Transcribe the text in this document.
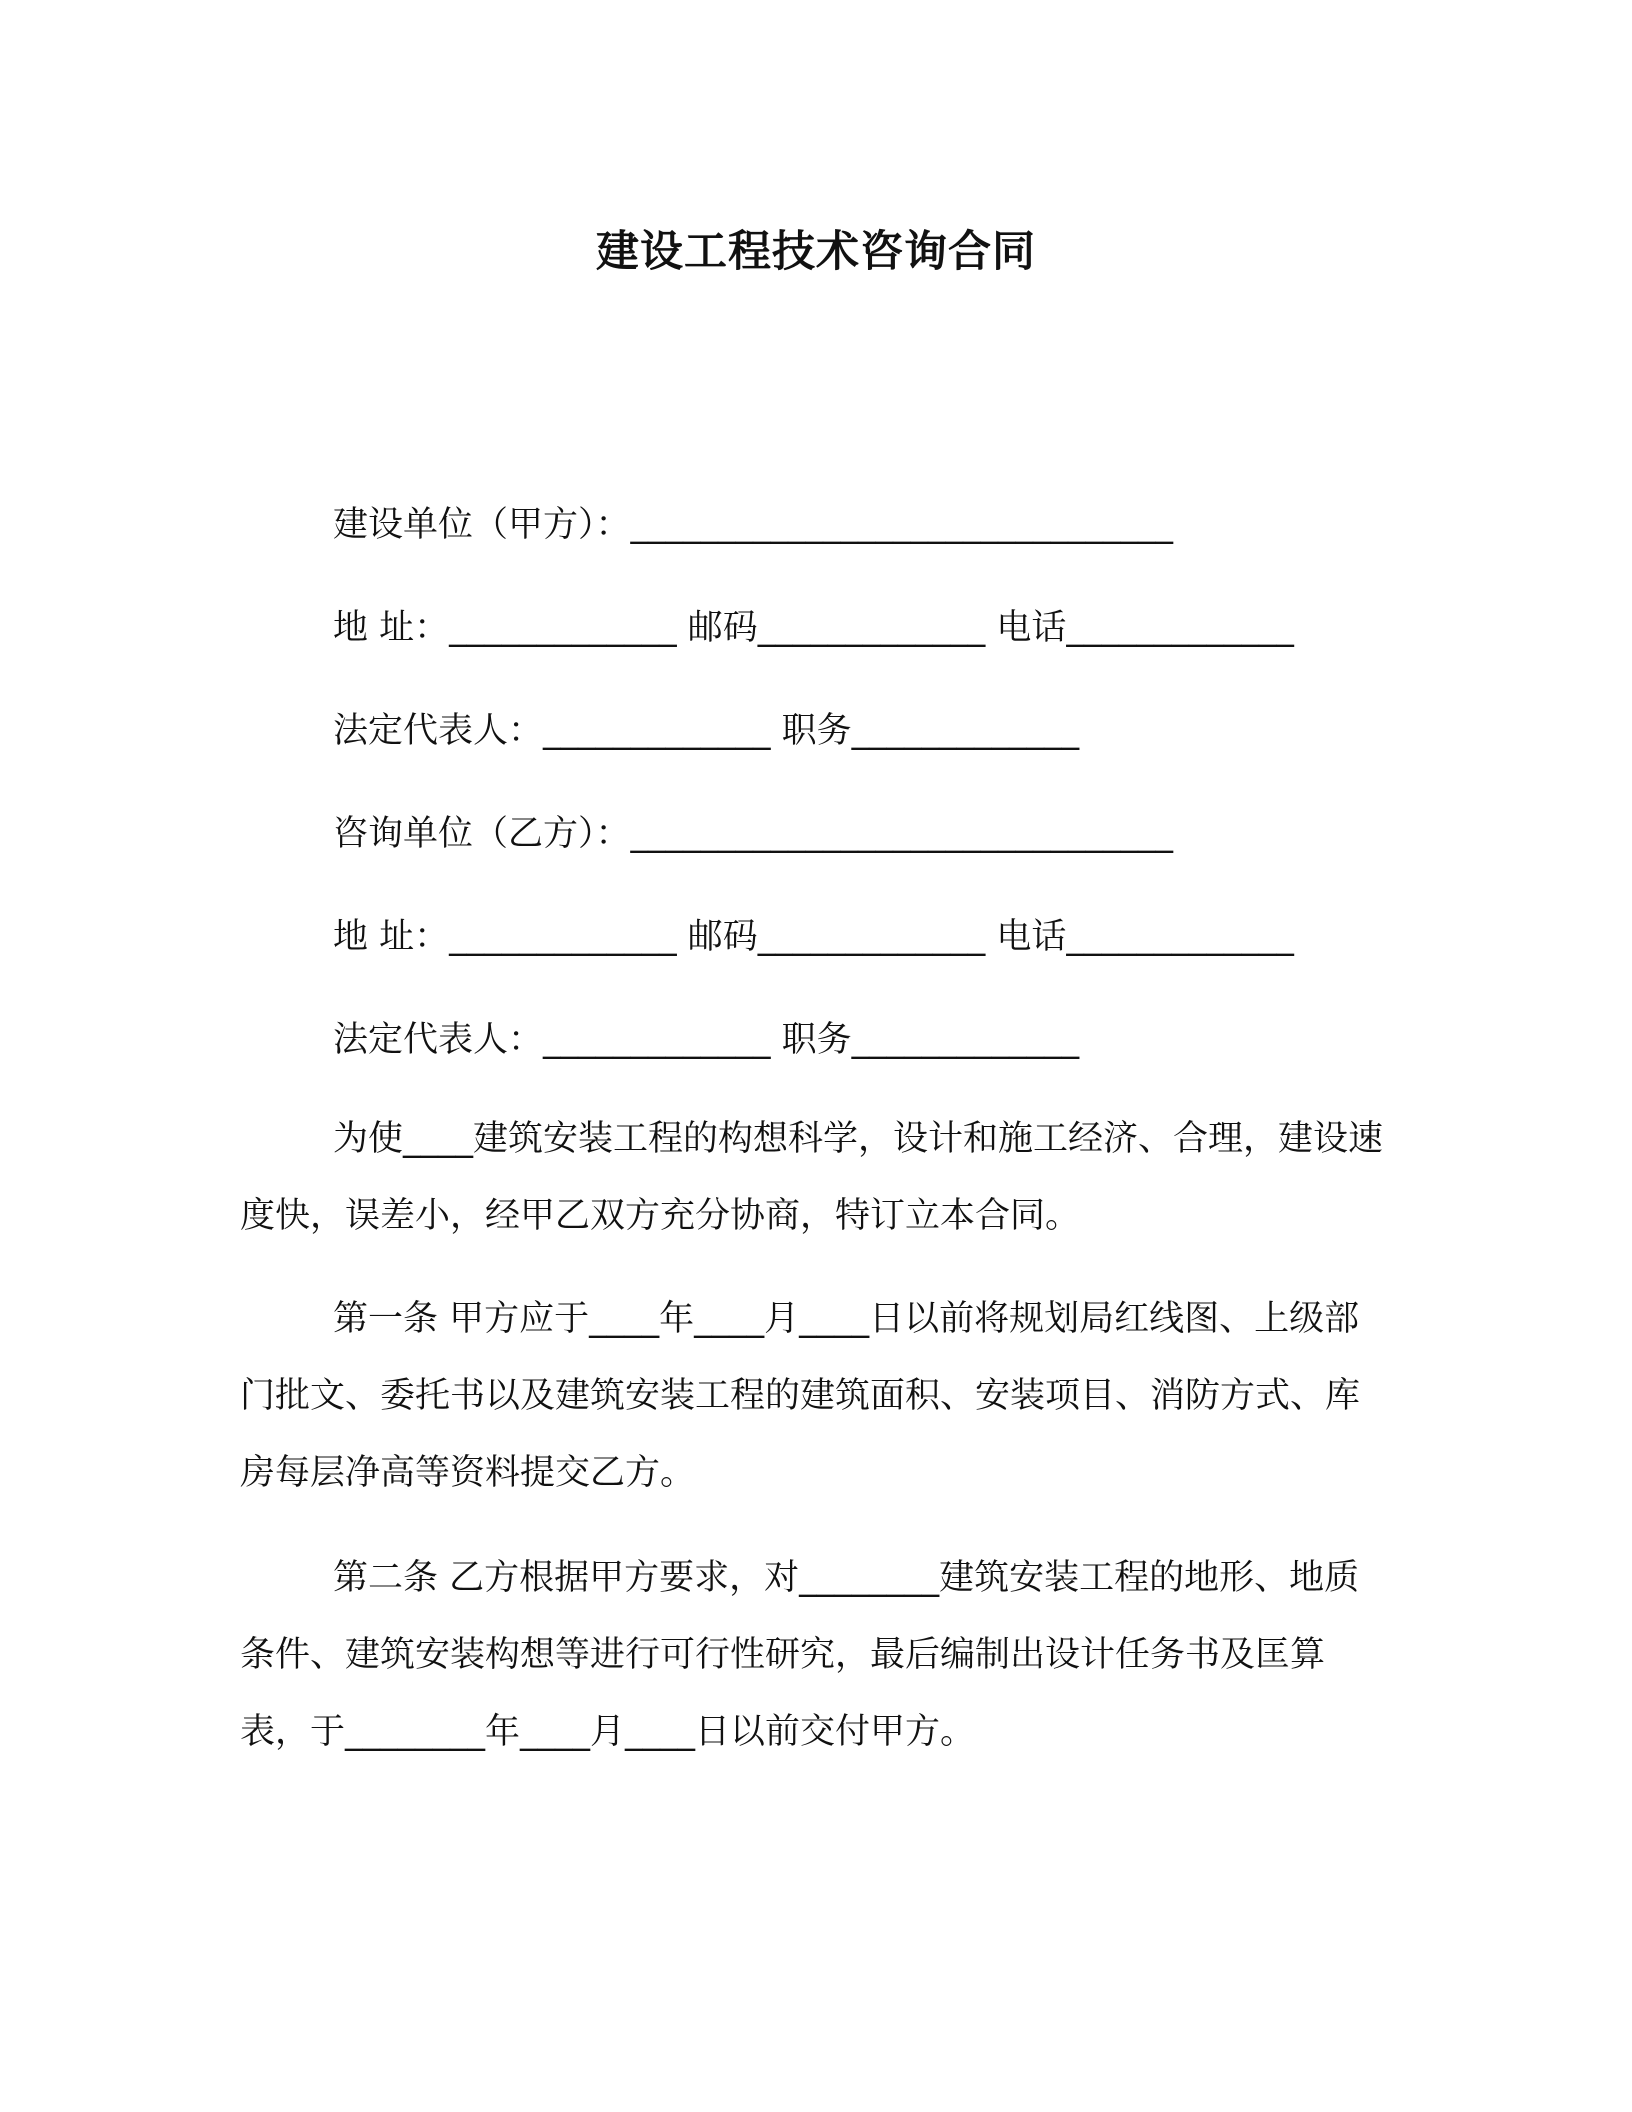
建设工程技术咨询合同

建设单位（甲方）：_______________________________

地 址：_____________ 邮码_____________ 电话_____________

法定代表人：_____________ 职务_____________

咨询单位（乙方）：_______________________________

地 址：_____________ 邮码_____________ 电话_____________

法定代表人：_____________ 职务_____________

为使____建筑安装工程的构想科学，设计和施工经济、合理，建设速度快，误差小，经甲乙双方充分协商，特订立本合同。

第一条 甲方应于____年____月____日以前将规划局红线图、上级部门批文、委托书以及建筑安装工程的建筑面积、安装项目、消防方式、库房每层净高等资料提交乙方。

第二条 乙方根据甲方要求，对________建筑安装工程的地形、地质条件、建筑安装构想等进行可行性研究，最后编制出设计任务书及匡算表，于________年____月____日以前交付甲方。
